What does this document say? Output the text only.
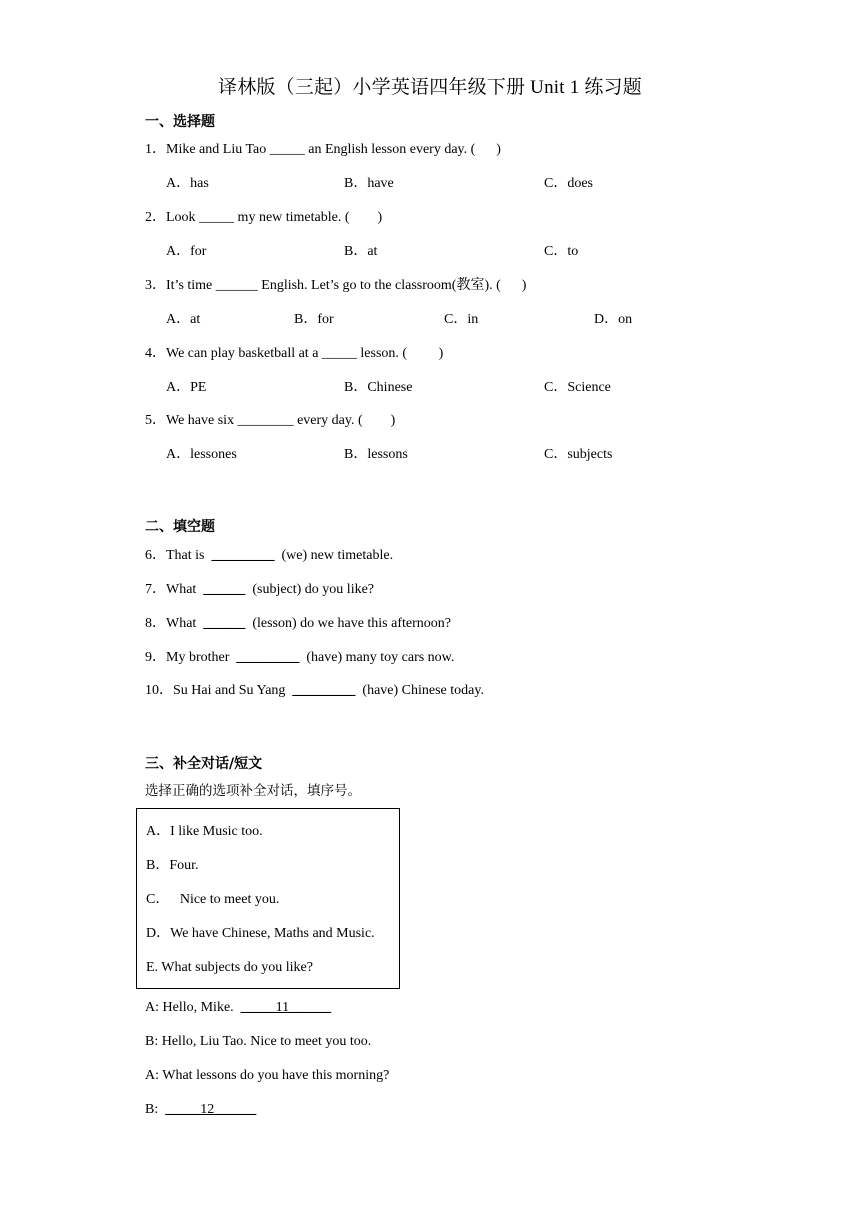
译林版（三起）小学英语四年级下册 Unit 1 练习题
一、选择题
1．Mike and Liu Tao _____ an English lesson every day. (      )
A．has	B．have	C．does
2．Look _____ my new timetable. (        )
A．for	B．at	C．to
3．It’s time ______ English. Let’s go to the classroom(教室). (      )
A．at	B．for	C．in	D．on
4．We can play basketball at a _____ lesson. (         )
A．PE	B．Chinese	C．Science
5．We have six ________ every day. (        )
A．lessones	B．lessons	C．subjects
二、填空题
6．That is  _________  (we) new timetable.
7．What  ______  (subject) do you like?
8．What  ______  (lesson) do we have this afternoon?
9．My brother  _________  (have) many toy cars now.
10．Su Hai and Su Yang  _________  (have) Chinese today.
三、补全对话/短文
选择正确的选项补全对话，填序号。
A．I like Music too.
B．Four.
C．   Nice to meet you.
D．We have Chinese, Maths and Music.
E. What subjects do you like?
A: Hello, Mike.  _____11______
B: Hello, Liu Tao. Nice to meet you too.
A: What lessons do you have this morning?
B:  _____12______
